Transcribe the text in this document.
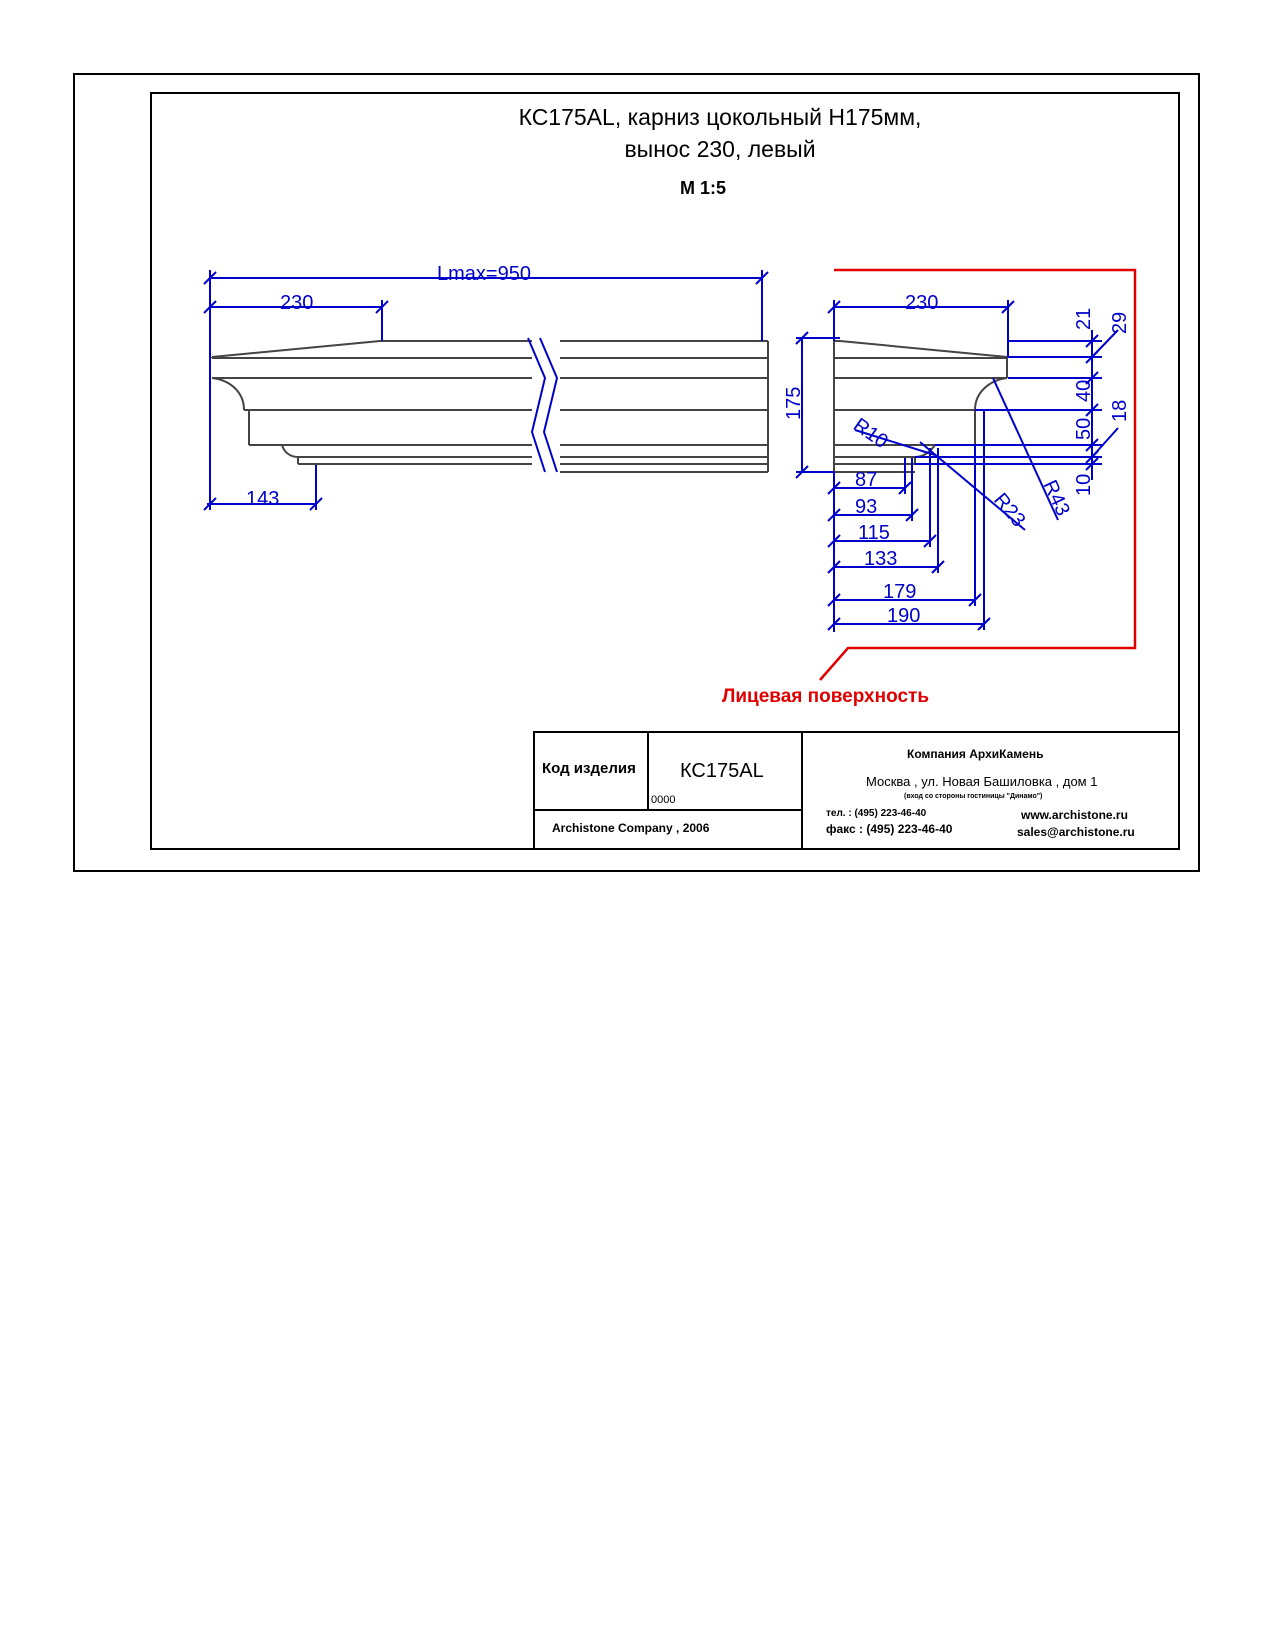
Lmax=950
230
143
230
175
21 29
40
50
18
10
87
93
115
133
179
190
R10
R23 R43
КС175AL, карниз цокольный Н175мм,
вынос 230, левый
М 1:5
Лицевая поверхность
Код изделия КС175AL
0000
Archistone Company , 2006
Компания АрхиКамень
Москва , ул. Новая Башиловка , дом 1
(вход со стороны гостиницы "Динамо")
тел. : (495) 223-46-40
факс : (495) 223-46-40
www.archistone.ru
sales@archistone.ru
